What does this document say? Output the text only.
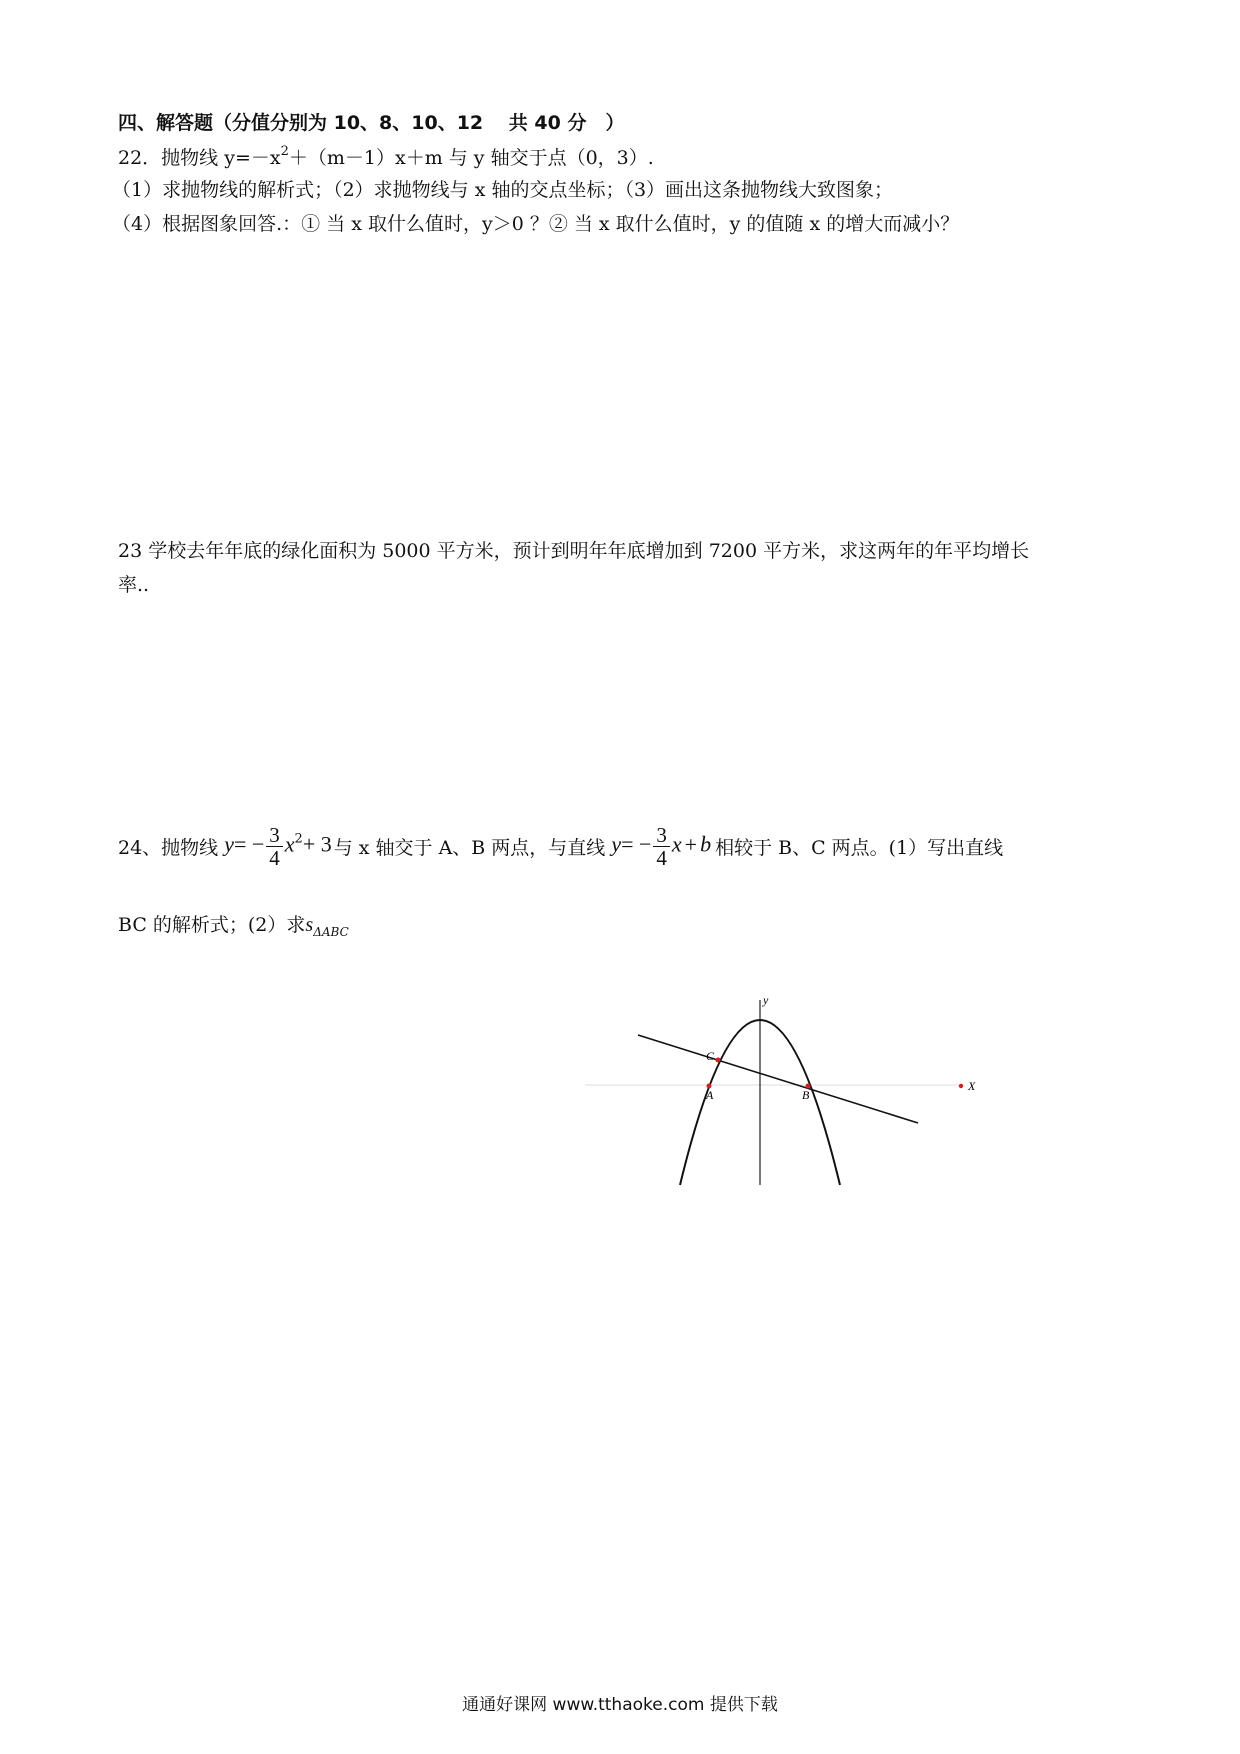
四、解答题（分值分别为 10、8、10、12　 共 40 分　）
22．抛物线 $y=-x^2+(m-1)x+m$ 与 y 轴交于点（0，3）.
（1）求抛物线的解析式；（2）求抛物线与 x 轴的交点坐标；（3）画出这条抛物线大致图象；
（4）根据图象回答.：① 当 x 取什么值时，y＞0 ？② 当 x 取什么值时，y 的值随 x 的增大而减小？
23 学校去年年底的绿化面积为 5000 平方米，预计到明年年底增加到 7200 平方米，求这两年的年平均增长
率..
24、抛物线 $y= - \frac{3}{4} x^2+ 3$ 与 x 轴交于 A、B 两点，与直线 $y= - \frac{3}{4}$ x + b 相较于 B、C 两点。(1）写出直线
BC 的解析式；(2）求$s_{\Delta ABC}$
y
X
C
A	B
通通好课网 www.tthaoke.com 提供下载
